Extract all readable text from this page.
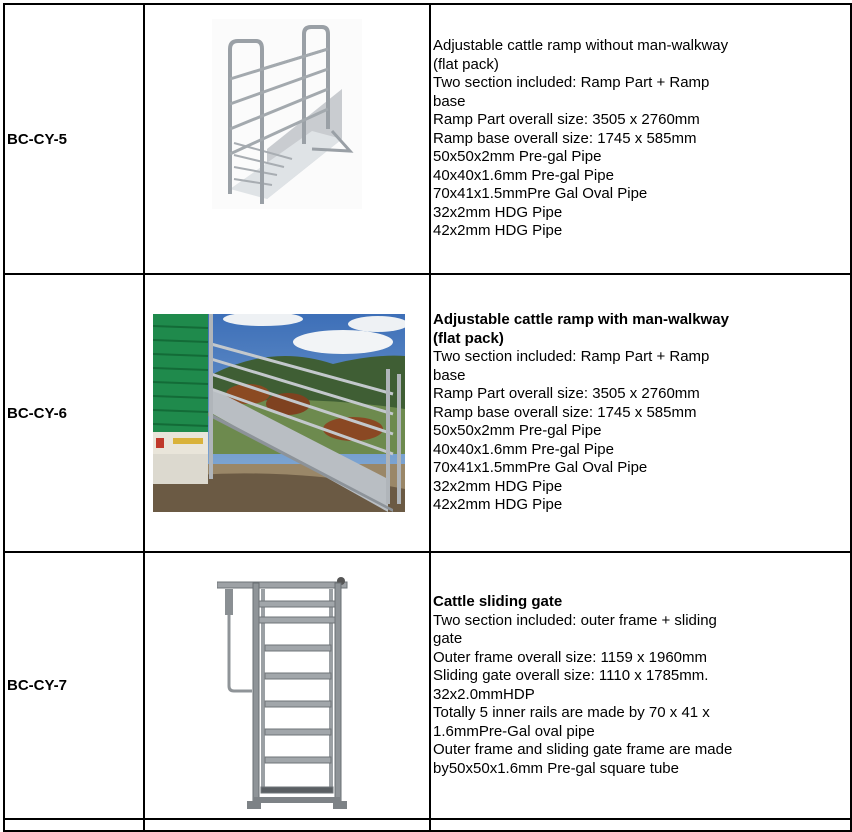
BC-CY-5	

Adjustable cattle ramp without man-walkway
(flat pack)
Two section included: Ramp Part + Ramp
base
Ramp Part overall size: 3505 x 2760mm
Ramp base overall size: 1745 x 585mm
50x50x2mm Pre-gal Pipe
40x40x1.6mm Pre-gal Pipe
70x41x1.5mmPre Gal Oval Pipe
32x2mm HDG Pipe
42x2mm HDG Pipe

BC-CY-6	

Adjustable cattle ramp with man-walkway
(flat pack)
Two section included: Ramp Part + Ramp
base
Ramp Part overall size: 3505 x 2760mm
Ramp base overall size: 1745 x 585mm
50x50x2mm Pre-gal Pipe
40x40x1.6mm Pre-gal Pipe
70x41x1.5mmPre Gal Oval Pipe
32x2mm HDG Pipe
42x2mm HDG Pipe

BC-CY-7	

Cattle sliding gate
Two section included: outer frame + sliding
gate
Outer frame overall size: 1159 x 1960mm
Sliding gate overall size: 1110 x 1785mm.
32x2.0mmHDP
Totally 5 inner rails are made by 70 x 41 x
1.6mmPre-Gal oval pipe
Outer frame and sliding gate frame are made
by50x50x1.6mm Pre-gal square tube
